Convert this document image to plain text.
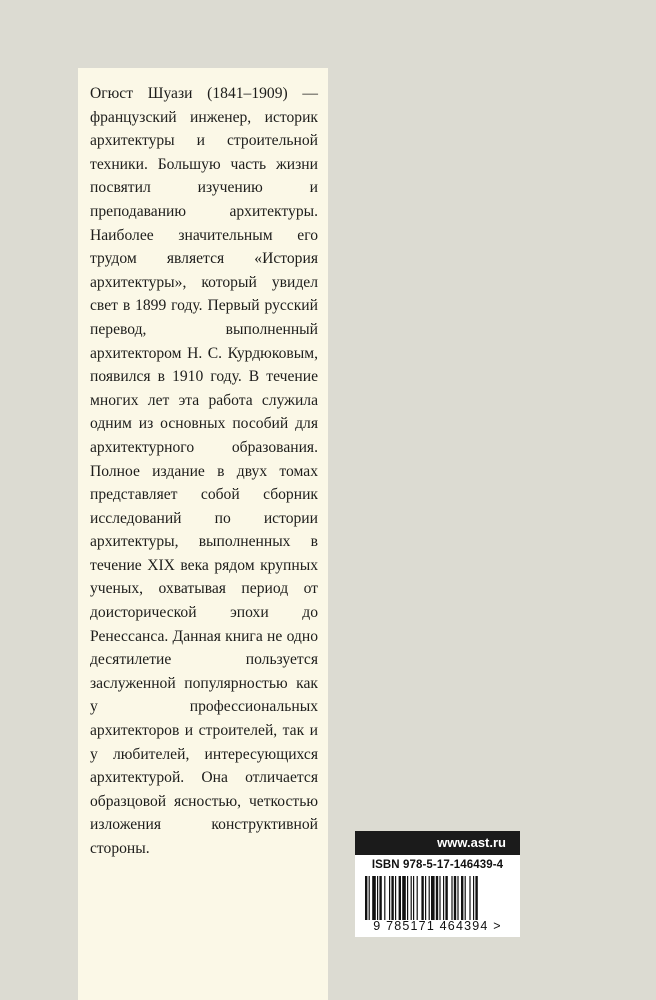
Огюст Шуази (1841–1909) — французский инженер, историк архитектуры и строительной техники. Большую часть жизни посвятил изучению и преподаванию архитектуры. Наиболее значительным его трудом является «История архитектуры», который увидел свет в 1899 году. Первый русский перевод, выполненный архитектором Н. С. Курдюковым, появился в 1910 году. В течение многих лет эта работа служила одним из основных пособий для архитектурного образования. Полное издание в двух томах представляет собой сборник исследований по истории архитектуры, выполненных в течение XIX века рядом крупных ученых, охватывая период от доисторической эпохи до Ренессанса. Данная книга не одно десятилетие пользуется заслуженной популярностью как у профессиональных архитекторов и строителей, так и у любителей, интересующихся архитектурой. Она отличается образцовой ясностью, четкостью изложения конструктивной стороны.	www.ast.ru
ISBN 978-5-17-146439-4
9 785171 464394 >
